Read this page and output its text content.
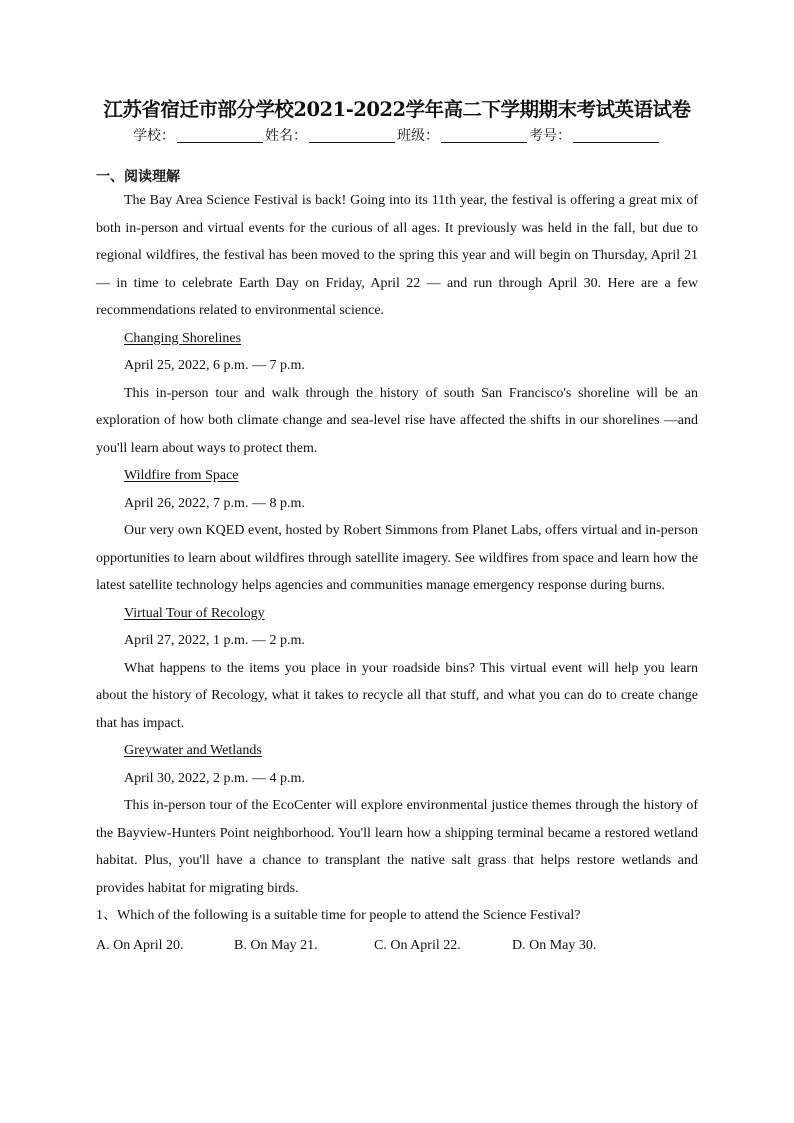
江苏省宿迁市部分学校2021-2022学年高二下学期期末考试英语试卷
学校：	姓名：	班级：	考号：
一、阅读理解

The Bay Area Science Festival is back! Going into its 11th year, the festival is offering a great mix of both in-person and virtual events for the curious of all ages. It previously was held in the fall, but due to regional wildfires, the festival has been moved to the spring this year and will begin on Thursday, April 21 — in time to celebrate Earth Day on Friday, April 22 — and run through April 30. Here are a few recommendations related to environmental science.

Changing Shorelines
April 25, 2022, 6 p.m. — 7 p.m.

This in-person tour and walk through the history of south San Francisco's shoreline will be an exploration of how both climate change and sea-level rise have affected the shifts in our shorelines —and you'll learn about ways to protect them.

Wildfire from Space
April 26, 2022, 7 p.m. — 8 p.m.

Our very own KQED event, hosted by Robert Simmons from Planet Labs, offers virtual and in-person opportunities to learn about wildfires through satellite imagery. See wildfires from space and learn how the latest satellite technology helps agencies and communities manage emergency response during burns.

Virtual Tour of Recology
April 27, 2022, 1 p.m. — 2 p.m.

What happens to the items you place in your roadside bins? This virtual event will help you learn about the history of Recology, what it takes to recycle all that stuff, and what you can do to create change that has impact.

Greywater and Wetlands
April 30, 2022, 2 p.m. — 4 p.m.

This in-person tour of the EcoCenter will explore environmental justice themes through the history of the Bayview-Hunters Point neighborhood. You'll learn how a shipping terminal became a restored wetland habitat. Plus, you'll have a chance to transplant the native salt grass that helps restore wetlands and provides habitat for migrating birds.

1、Which of the following is a suitable time for people to attend the Science Festival?

A. On April 20.	B. On May 21.	C. On April 22.	D. On May 30.
